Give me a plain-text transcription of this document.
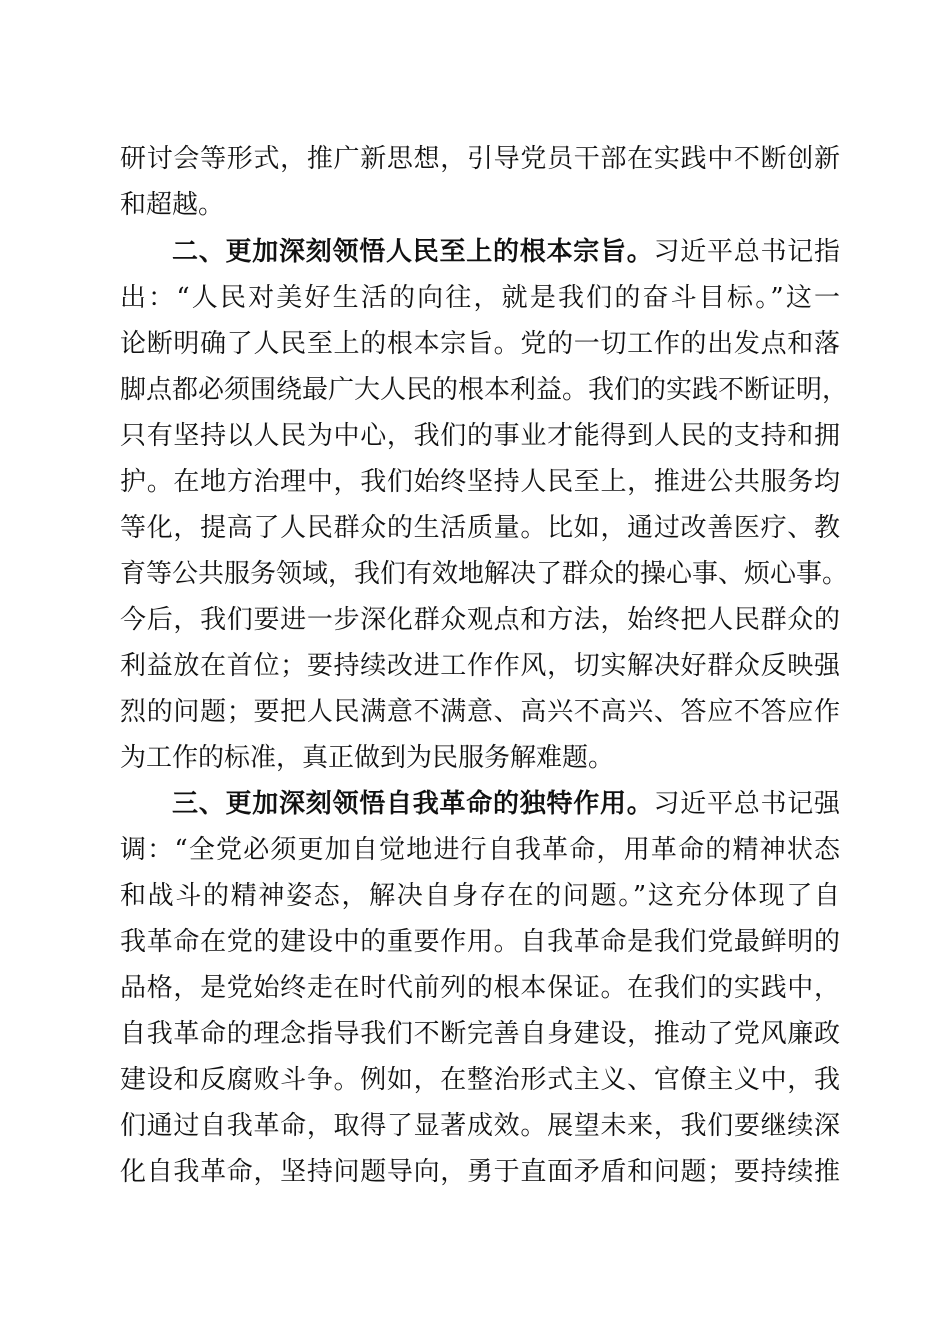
研讨会等形式，推广新思想，引导党员干部在实践中不断创新
和超越。
二、更加深刻领悟人民至上的根本宗旨。习近平总书记指
出：“人民对美好生活的向往，就是我们的奋斗目标。”这一
论断明确了人民至上的根本宗旨。党的一切工作的出发点和落
脚点都必须围绕最广大人民的根本利益。我们的实践不断证明，
只有坚持以人民为中心，我们的事业才能得到人民的支持和拥
护。在地方治理中，我们始终坚持人民至上，推进公共服务均
等化，提高了人民群众的生活质量。比如，通过改善医疗、教
育等公共服务领域，我们有效地解决了群众的操心事、烦心事。
今后，我们要进一步深化群众观点和方法，始终把人民群众的
利益放在首位；要持续改进工作作风，切实解决好群众反映强
烈的问题；要把人民满意不满意、高兴不高兴、答应不答应作
为工作的标准，真正做到为民服务解难题。
三、更加深刻领悟自我革命的独特作用。习近平总书记强
调：“全党必须更加自觉地进行自我革命，用革命的精神状态
和战斗的精神姿态，解决自身存在的问题。”这充分体现了自
我革命在党的建设中的重要作用。自我革命是我们党最鲜明的
品格，是党始终走在时代前列的根本保证。在我们的实践中，
自我革命的理念指导我们不断完善自身建设，推动了党风廉政
建设和反腐败斗争。例如，在整治形式主义、官僚主义中，我
们通过自我革命，取得了显著成效。展望未来，我们要继续深
化自我革命，坚持问题导向，勇于直面矛盾和问题；要持续推
